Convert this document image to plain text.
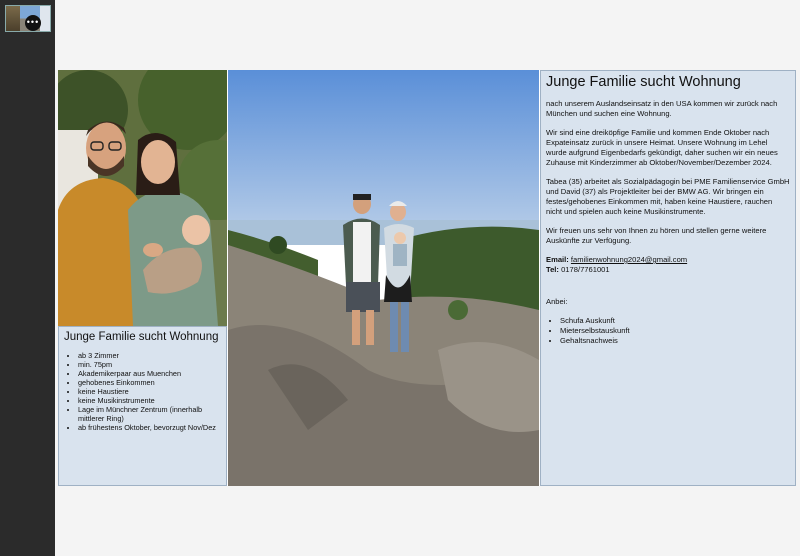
•••
Junge Familie sucht Wohnung
• ab 3 Zimmer
• min. 75pm
• Akademikerpaar aus Muenchen
• gehobenes Einkommen
• keine Haustiere
• keine Musikinstrumente
• Lage im Münchner Zentrum (innerhalb mittlerer Ring)
• ab frühestens Oktober, bevorzugt Nov/Dez
Junge Familie sucht Wohnung

nach unserem Auslandseinsatz in den USA kommen wir zurück nach München und suchen eine Wohnung.

Wir sind eine dreiköpfige Familie und kommen Ende Oktober nach Expateinsatz zurück in unsere Heimat. Unsere Wohnung im Lehel wurde aufgrund Eigenbedarfs gekündigt, daher suchen wir ein neues Zuhause mit Kinderzimmer ab Oktober/November/Dezember 2024.

Tabea (35) arbeitet als Sozialpädagogin bei PME Familienservice GmbH und David (37) als Projektleiter bei der BMW AG. Wir bringen ein festes/gehobenes Einkommen mit, haben keine Haustiere, rauchen nicht und spielen auch keine Musikinstrumente.

Wir freuen uns sehr von Ihnen zu hören und stellen gerne weitere Auskünfte zur Verfügung.

Email: familienwohnung2024@gmail.com
Tel: 0178/7761001

Anbei:

• Schufa Auskunft
• Mieterselbstauskunft
• Gehaltsnachweis
